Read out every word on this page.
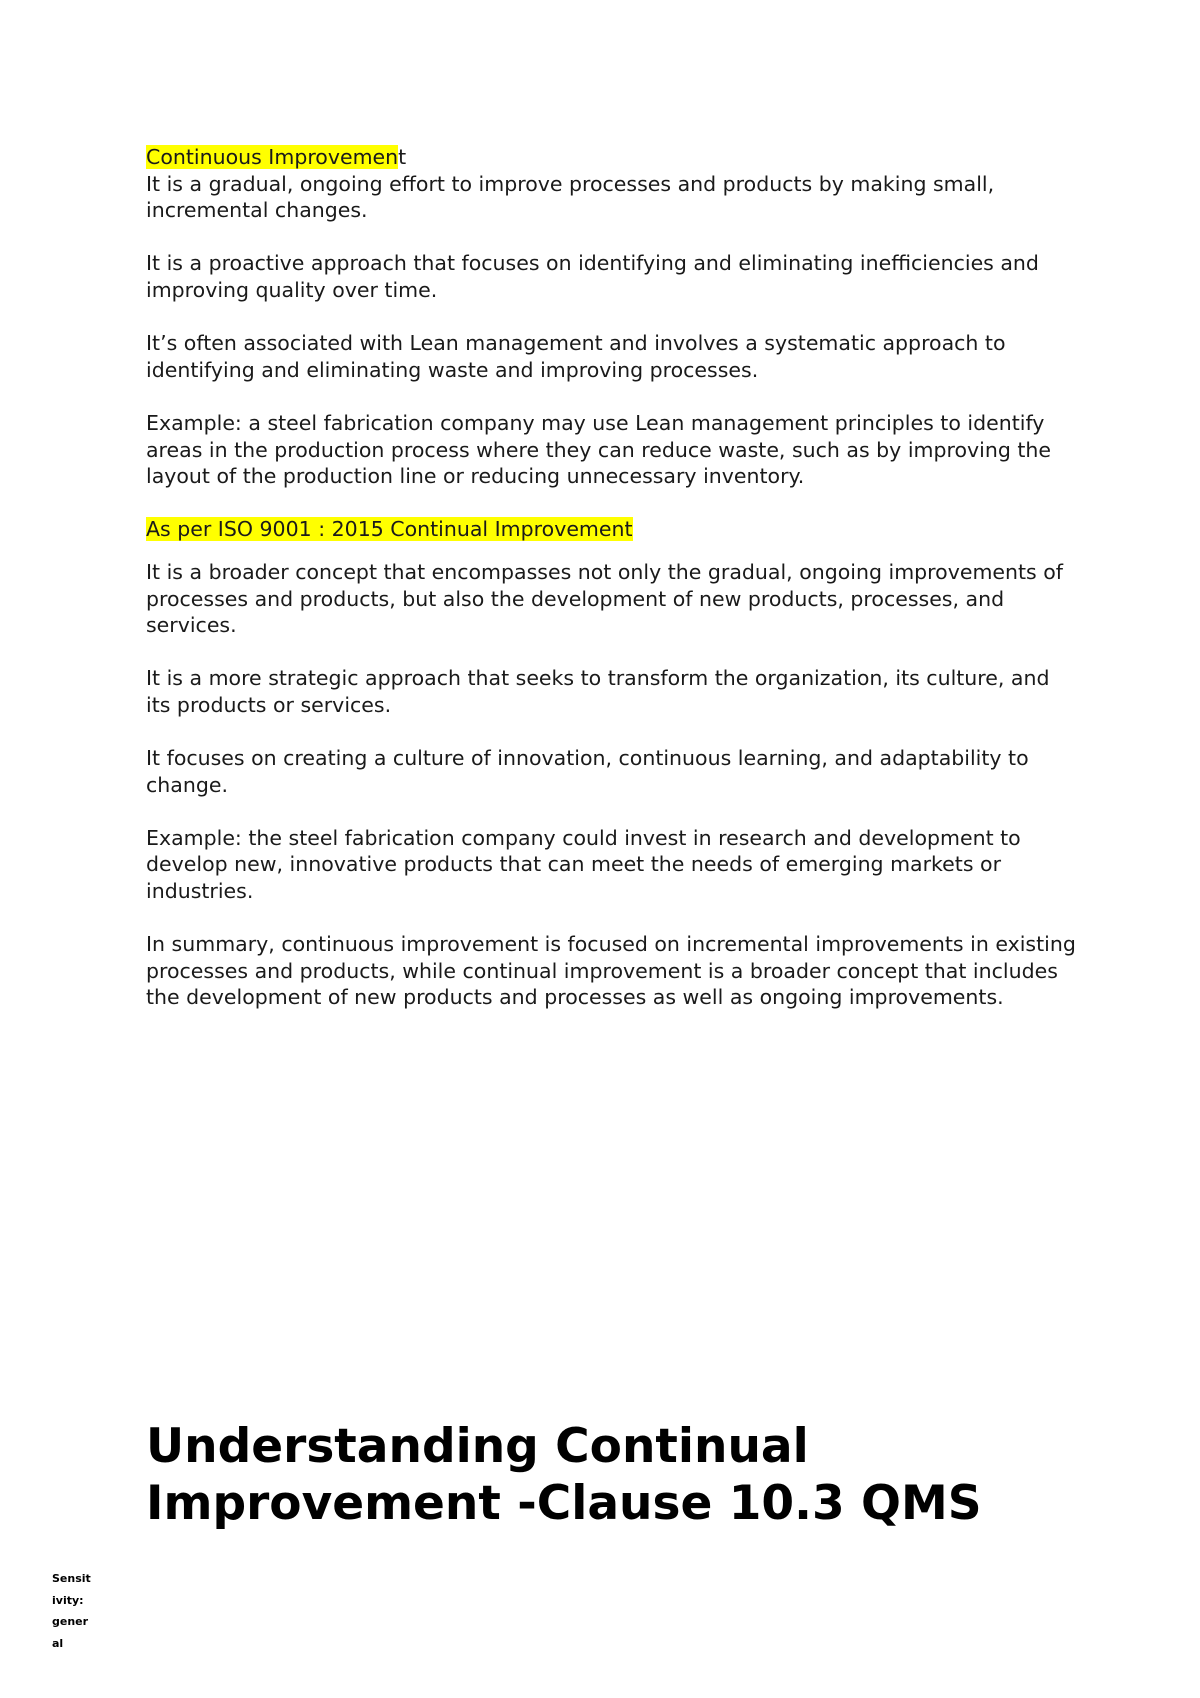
Continuous Improvement

It is a gradual, ongoing effort to improve processes and products by making small, incremental changes.

It is a proactive approach that focuses on identifying and eliminating inefficiencies and improving quality over time.

It’s often associated with Lean management and involves a systematic approach to identifying and eliminating waste and improving processes.

Example: a steel fabrication company may use Lean management principles to identify areas in the production process where they can reduce waste, such as by improving the layout of the production line or reducing unnecessary inventory.

As per ISO 9001 : 2015 Continual Improvement

It is a broader concept that encompasses not only the gradual, ongoing improvements of processes and products, but also the development of new products, processes, and services.

It is a more strategic approach that seeks to transform the organization, its culture, and its products or services.

It focuses on creating a culture of innovation, continuous learning, and adaptability to change.

Example: the steel fabrication company could invest in research and development to develop new, innovative products that can meet the needs of emerging markets or industries.

In summary, continuous improvement is focused on incremental improvements in existing processes and products, while continual improvement is a broader concept that includes the development of new products and processes as well as ongoing improvements.

Understanding Continual
Improvement -Clause 10.3 QMS
Sensitivity: general
